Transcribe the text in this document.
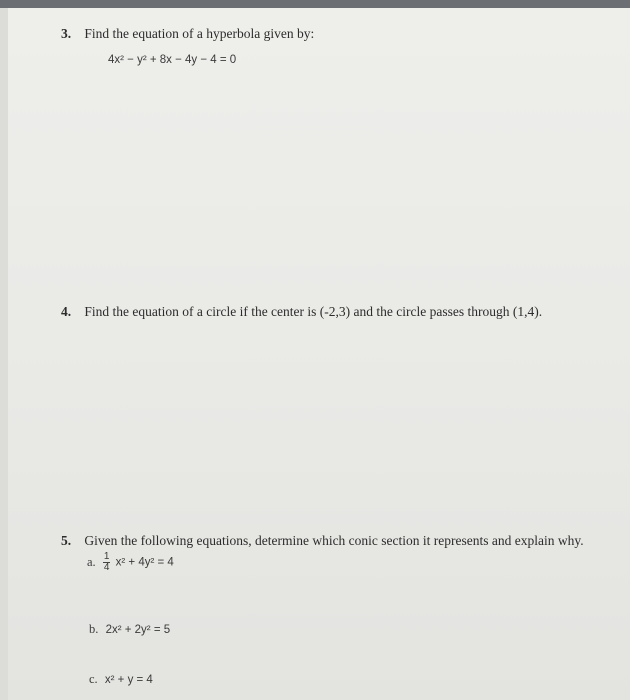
3. Find the equation of a hyperbola given by:
4x² − y² + 8x − 4y − 4 = 0
4. Find the equation of a circle if the center is (-2,3) and the circle passes through (1,4).
5. Given the following equations, determine which conic section it represents and explain why.
a. $\frac{1}{4} x^2 + 4y^2 = 4$
b. 2x² + 2y² = 5
c. x² + y = 4
